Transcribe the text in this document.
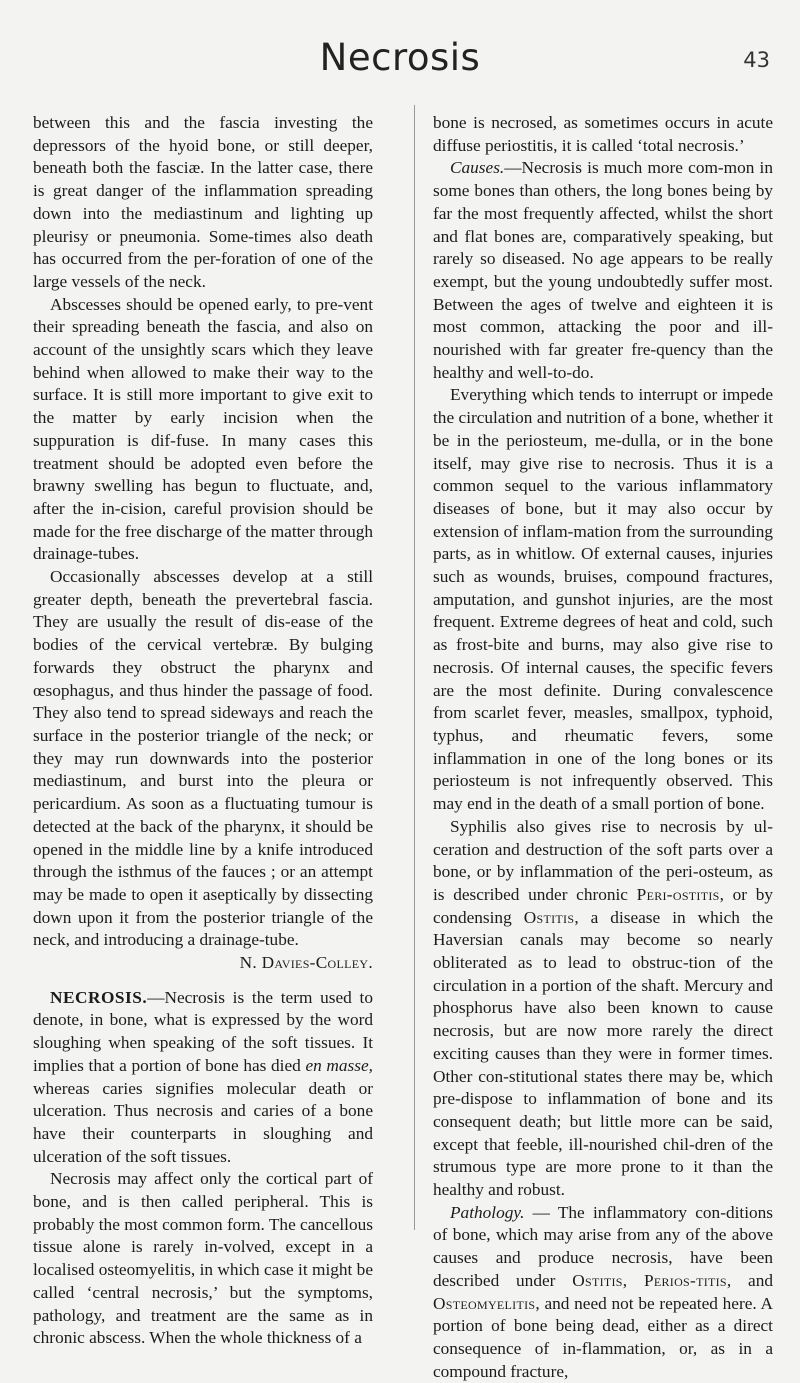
Necrosis	43

between this and the fascia investing the depressors of the hyoid bone, or still deeper, beneath both the fasciæ. In the latter case, there is great danger of the inflammation spreading down into the mediastinum and lighting up pleurisy or pneumonia. Some-times also death has occurred from the per-foration of one of the large vessels of the neck.

Abscesses should be opened early, to pre-vent their spreading beneath the fascia, and also on account of the unsightly scars which they leave behind when allowed to make their way to the surface. It is still more important to give exit to the matter by early incision when the suppuration is dif-fuse. In many cases this treatment should be adopted even before the brawny swelling has begun to fluctuate, and, after the in-cision, careful provision should be made for the free discharge of the matter through drainage-tubes.

Occasionally abscesses develop at a still greater depth, beneath the prevertebral fascia. They are usually the result of dis-ease of the bodies of the cervical vertebræ. By bulging forwards they obstruct the pharynx and œsophagus, and thus hinder the passage of food. They also tend to spread sideways and reach the surface in the posterior triangle of the neck; or they may run downwards into the posterior mediastinum, and burst into the pleura or pericardium. As soon as a fluctuating tumour is detected at the back of the pharynx, it should be opened in the middle line by a knife introduced through the isthmus of the fauces ; or an attempt may be made to open it aseptically by dissecting down upon it from the posterior triangle of the neck, and introducing a drainage-tube.
N. Davies-Colley.

NECROSIS.—Necrosis is the term used to denote, in bone, what is expressed by the word sloughing when speaking of the soft tissues. It implies that a portion of bone has died en masse, whereas caries signifies molecular death or ulceration. Thus necrosis and caries of a bone have their counterparts in sloughing and ulceration of the soft tissues.

Necrosis may affect only the cortical part of bone, and is then called peripheral. This is probably the most common form. The cancellous tissue alone is rarely in-volved, except in a localised osteomyelitis, in which case it might be called ‘central necrosis,’ but the symptoms, pathology, and treatment are the same as in chronic abscess. When the whole thickness of a

bone is necrosed, as sometimes occurs in acute diffuse periostitis, it is called ‘total necrosis.’

Causes.—Necrosis is much more com-mon in some bones than others, the long bones being by far the most frequently affected, whilst the short and flat bones are, comparatively speaking, but rarely so diseased. No age appears to be really exempt, but the young undoubtedly suffer most. Between the ages of twelve and eighteen it is most common, attacking the poor and ill-nourished with far greater fre-quency than the healthy and well-to-do.

Everything which tends to interrupt or impede the circulation and nutrition of a bone, whether it be in the periosteum, me-dulla, or in the bone itself, may give rise to necrosis. Thus it is a common sequel to the various inflammatory diseases of bone, but it may also occur by extension of inflam-mation from the surrounding parts, as in whitlow. Of external causes, injuries such as wounds, bruises, compound fractures, amputation, and gunshot injuries, are the most frequent. Extreme degrees of heat and cold, such as frost-bite and burns, may also give rise to necrosis. Of internal causes, the specific fevers are the most definite. During convalescence from scarlet fever, measles, smallpox, typhoid, typhus, and rheumatic fevers, some inflammation in one of the long bones or its periosteum is not infrequently observed. This may end in the death of a small portion of bone.

Syphilis also gives rise to necrosis by ul-ceration and destruction of the soft parts over a bone, or by inflammation of the peri-osteum, as is described under chronic Peri-ostitis, or by condensing Ostitis, a disease in which the Haversian canals may become so nearly obliterated as to lead to obstruc-tion of the circulation in a portion of the shaft. Mercury and phosphorus have also been known to cause necrosis, but are now more rarely the direct exciting causes than they were in former times. Other con-stitutional states there may be, which pre-dispose to inflammation of bone and its consequent death; but little more can be said, except that feeble, ill-nourished chil-dren of the strumous type are more prone to it than the healthy and robust.

Pathology. — The inflammatory con-ditions of bone, which may arise from any of the above causes and produce necrosis, have been described under Ostitis, Perios-titis, and Osteomyelitis, and need not be repeated here. A portion of bone being dead, either as a direct consequence of in-flammation, or, as in a compound fracture,
